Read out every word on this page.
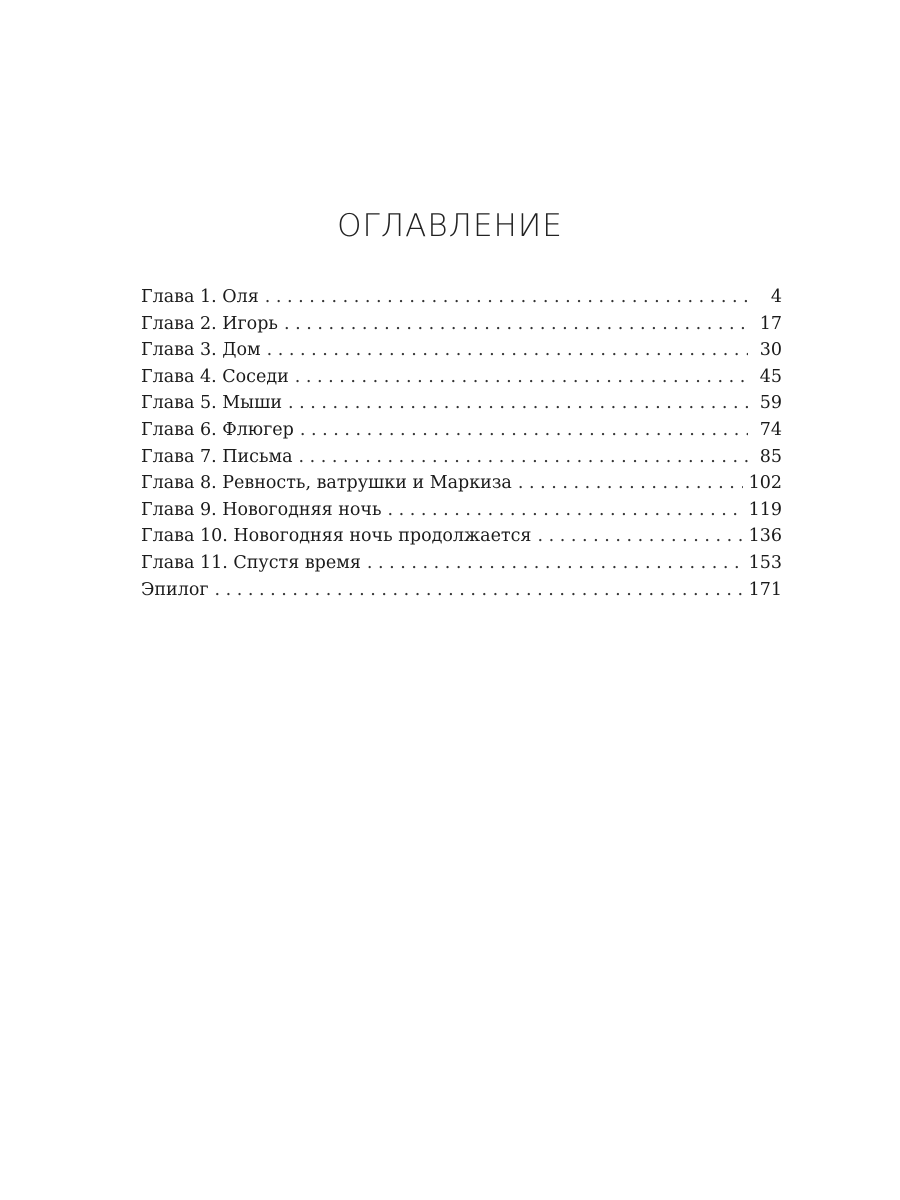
ОГЛАВЛЕНИЕ
Глава 1. Оля . . .	4
Глава 2. Игорь . . .	17
Глава 3. Дом . . .	30
Глава 4. Соседи . . .	45
Глава 5. Мыши . . .	59
Глава 6. Флюгер . . .	74
Глава 7. Письма . . .	85
Глава 8. Ревность, ватрушки и Маркиза . . .	102
Глава 9. Новогодняя ночь . . .	119
Глава 10. Новогодняя ночь продолжается . . .	136
Глава 11. Спустя время . . .	153
Эпилог . . .	171
